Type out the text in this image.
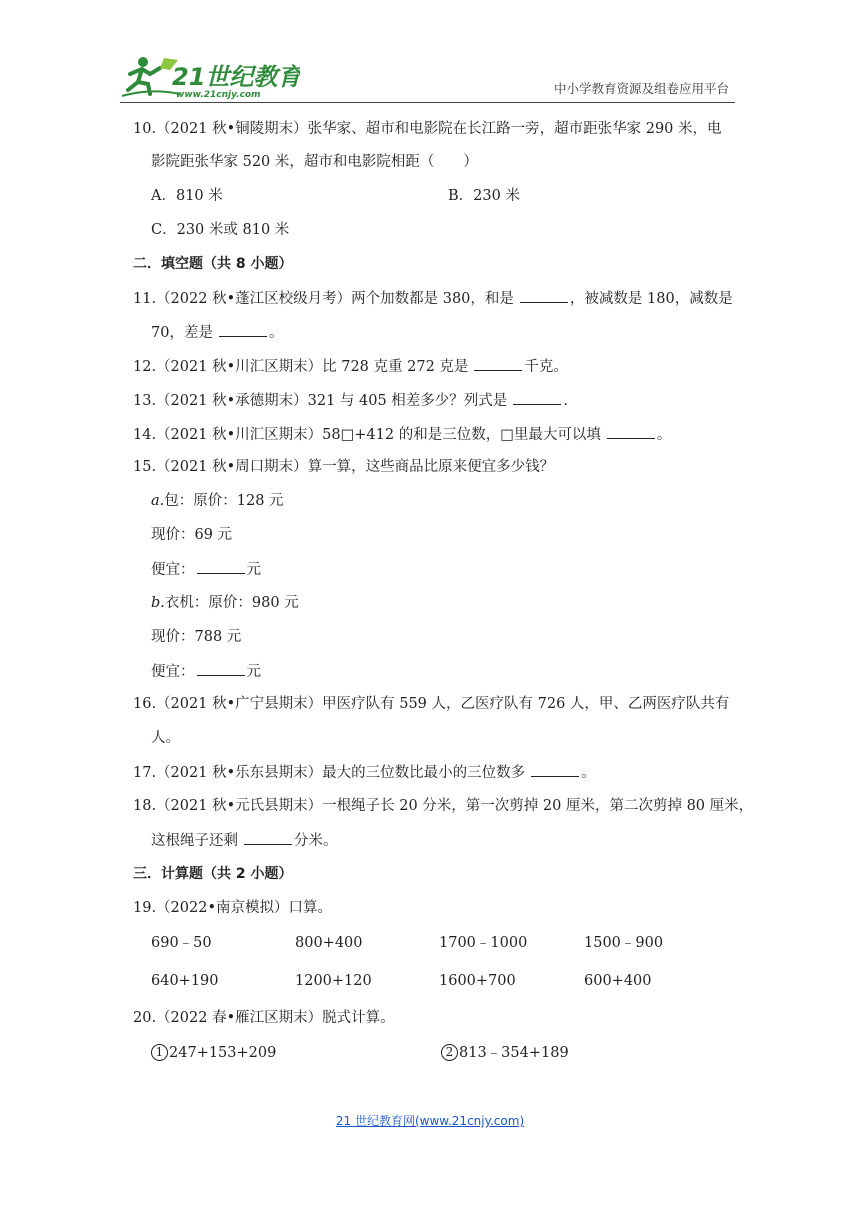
21世纪教育
www.21cnjy.com	中小学教育资源及组卷应用平台
10.（2021 秋•铜陵期末）张华家、超市和电影院在长江路一旁，超市距张华家 290 米，电
影院距张华家 520 米，超市和电影院相距（　　）
A．810 米	B．230 米
C．230 米或 810 米
二．填空题（共 8 小题）
11.（2022 秋•蓬江区校级月考）两个加数都是 380，和是	，被减数是 180，减数是
70，差是	。
12.（2021 秋•川汇区期末）比 728 克重 272 克是	千克。
13.（2021 秋•承德期末）321 与 405 相差多少？列式是	.
14.（2021 秋•川汇区期末）58□+412 的和是三位数，□里最大可以填	。
15.（2021 秋•周口期末）算一算，这些商品比原来便宜多少钱？
a.包：原价：128 元
现价：69 元
便宜：	元
b.衣机：原价：980 元
现价：788 元
便宜：	元
16.（2021 秋•广宁县期末）甲医疗队有 559 人，乙医疗队有 726 人，甲、乙两医疗队共有
人。
17.（2021 秋•乐东县期末）最大的三位数比最小的三位数多	。
18.（2021 秋•元氏县期末）一根绳子长 20 分米，第一次剪掉 20 厘米，第二次剪掉 80 厘米，
这根绳子还剩	分米。
三．计算题（共 2 小题）
19.（2022•南京模拟）口算。
690﹣50	800+400	1700﹣1000	1500﹣900
640+190	1200+120	1600+700	600+400
20.（2022 春•雁江区期末）脱式计算。
1 247+153+209	2 813﹣354+189
21 世纪教育网(www.21cnjy.com)
